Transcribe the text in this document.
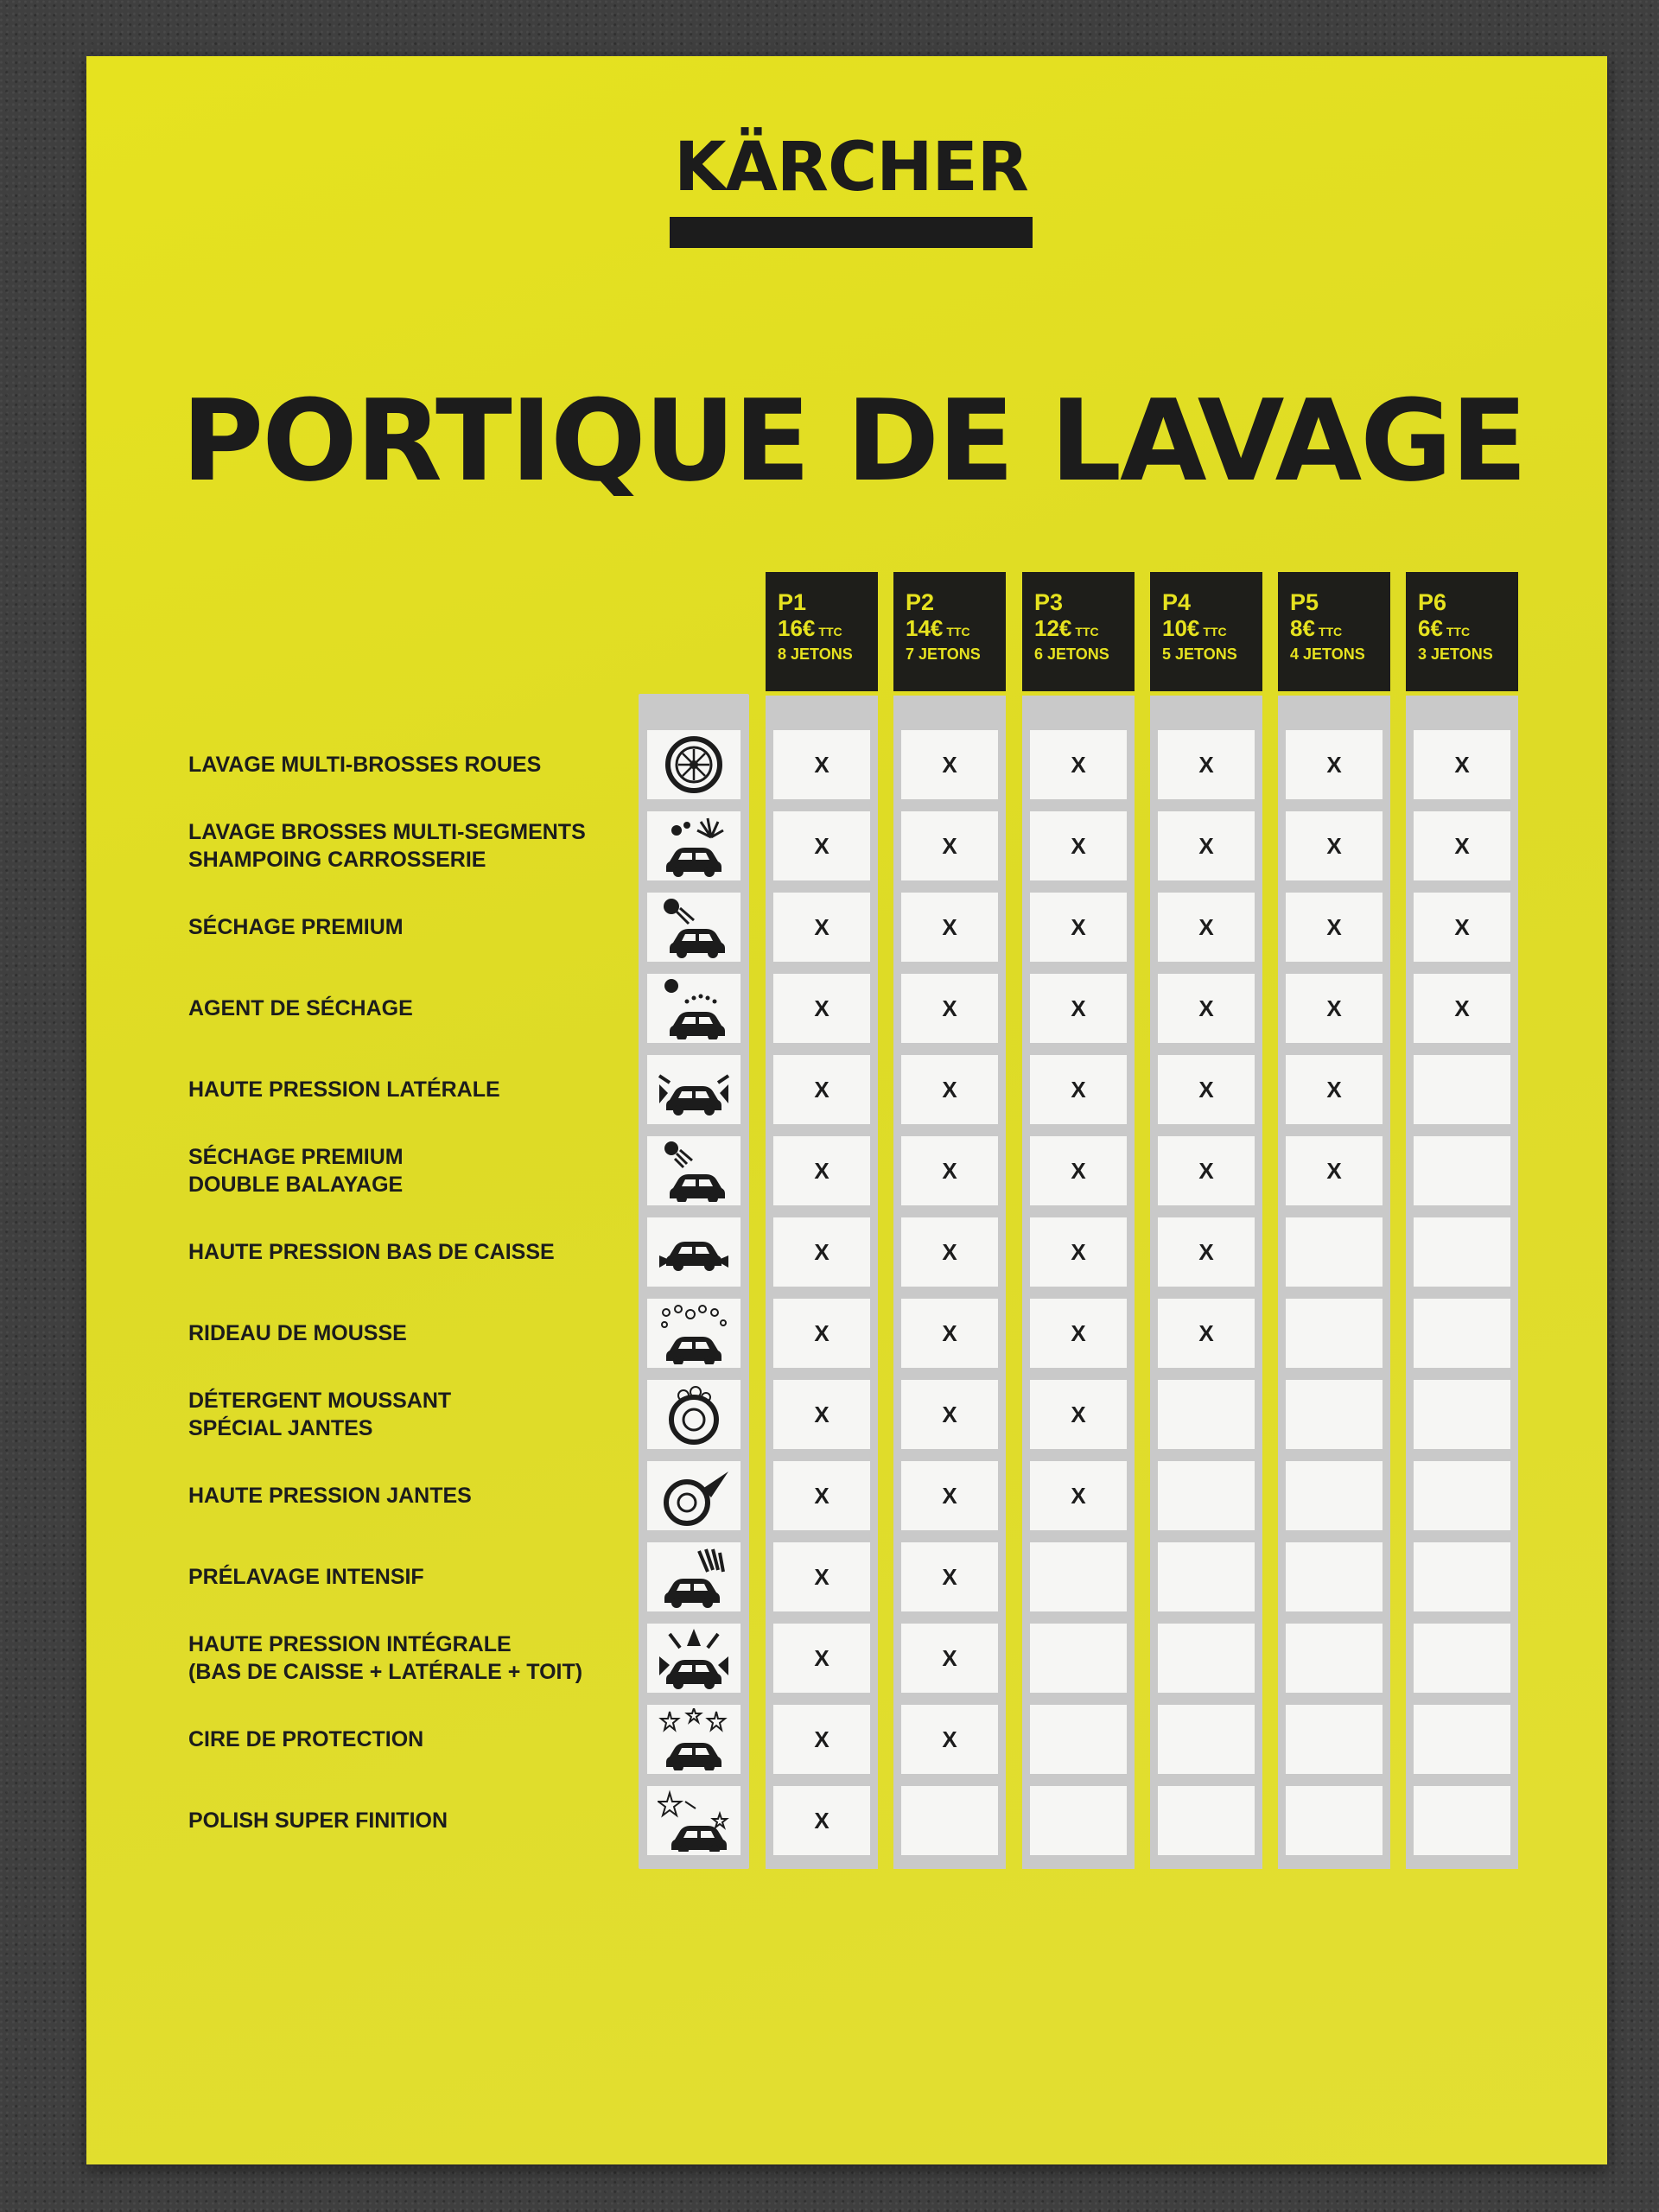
KÄRCHER
PORTIQUE DE LAVAGE
P1
16€ TTC
8 JETONS
X
X
X
X
X
X
X
X
X
X
X
X
X
X
P2
14€ TTC
7 JETONS
X
X
X
X
X
X
X
X
X
X
X
X
X
P3
12€ TTC
6 JETONS
X
X
X
X
X
X
X
X
X
X
P4
10€ TTC
5 JETONS
X
X
X
X
X
X
X
X
P5
8€ TTC
4 JETONS
X
X
X
X
X
X
P6
6€ TTC
3 JETONS
X
X
X
X
LAVAGE MULTI-BROSSES ROUES
LAVAGE BROSSES MULTI-SEGMENTS
SHAMPOING CARROSSERIE
SÉCHAGE PREMIUM
AGENT DE SÉCHAGE
HAUTE PRESSION LATÉRALE
SÉCHAGE PREMIUM
DOUBLE BALAYAGE
HAUTE PRESSION BAS DE CAISSE
RIDEAU DE MOUSSE
DÉTERGENT MOUSSANT
SPÉCIAL JANTES
HAUTE PRESSION JANTES
PRÉLAVAGE INTENSIF
HAUTE PRESSION INTÉGRALE
(BAS DE CAISSE + LATÉRALE + TOIT)
CIRE DE PROTECTION
POLISH SUPER FINITION
